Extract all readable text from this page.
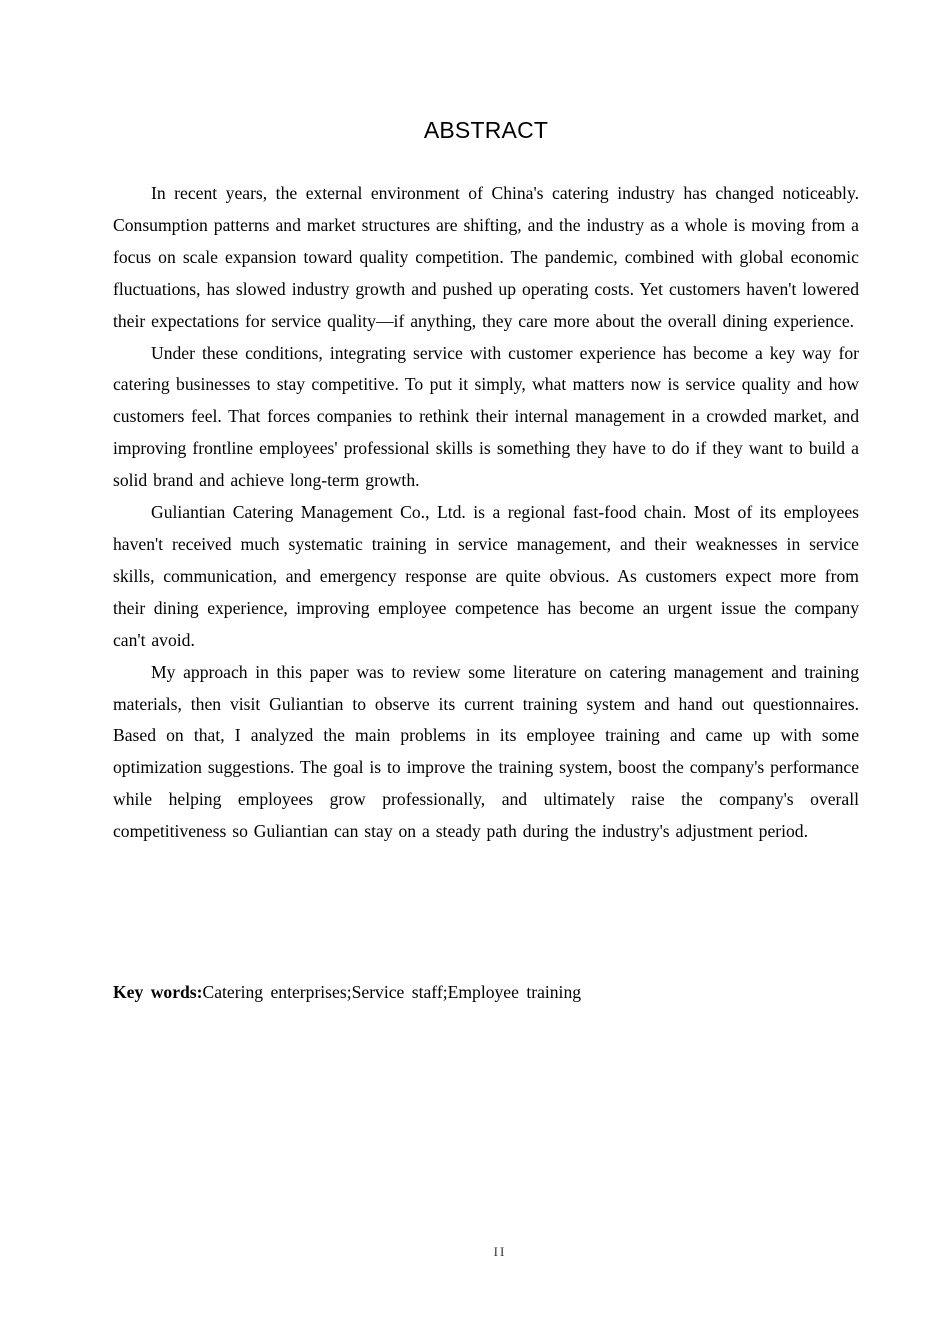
ABSTRACT

In recent years, the external environment of China's catering industry has changed noticeably. Consumption patterns and market structures are shifting, and the industry as a whole is moving from a focus on scale expansion toward quality competition. The pandemic, combined with global economic fluctuations, has slowed industry growth and pushed up operating costs. Yet customers haven't lowered their expectations for service quality—if anything, they care more about the overall dining experience.

Under these conditions, integrating service with customer experience has become a key way for catering businesses to stay competitive. To put it simply, what matters now is service quality and how customers feel. That forces companies to rethink their internal management in a crowded market, and improving frontline employees' professional skills is something they have to do if they want to build a solid brand and achieve long-term growth.

Guliantian Catering Management Co., Ltd. is a regional fast-food chain. Most of its employees haven't received much systematic training in service management, and their weaknesses in service skills, communication, and emergency response are quite obvious. As customers expect more from their dining experience, improving employee competence has become an urgent issue the company can't avoid.

My approach in this paper was to review some literature on catering management and training materials, then visit Guliantian to observe its current training system and hand out questionnaires. Based on that, I analyzed the main problems in its employee training and came up with some optimization suggestions. The goal is to improve the training system, boost the company's performance while helping employees grow professionally, and ultimately raise the company's overall competitiveness so Guliantian can stay on a steady path during the industry's adjustment period.

Key words:Catering enterprises;Service staff;Employee training
II
